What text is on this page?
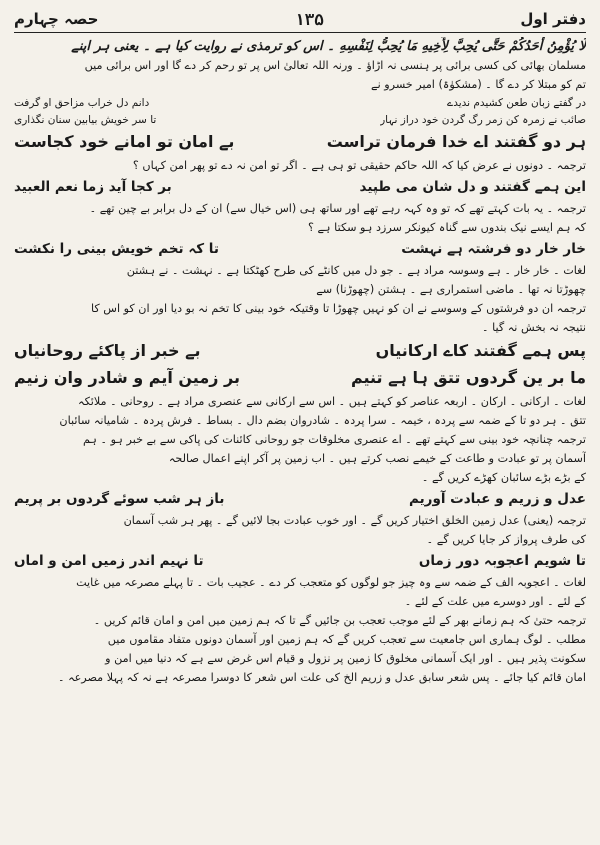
دفتر اول
۱۳۵
حصہ چہارم
لَا يُؤْمِنُ أَحَدُكُمْ حَتَّى يُحِبَّ لِأَخِيهِ مَا يُحِبُّ لِنَفْسِهِ ۔ اس کو ترمذی نے روایت کیا ہے ۔ یعنی ہر اپنے
مسلمان بھائی کی کسی برائی پر ہنسی نہ اڑاؤ ۔ ورنہ اللہ تعالیٰ اس پر تو رحم کر دے گا اور اس برائی میں
تم کو مبتلا کر دے گا ۔ (مشکوٰۃ) امیر خسرو نے
در گفتے زبان طعن کشیدم ندیدے
دانم دل خراب مزاحق او گرفت
صائب نے زمرہ کن زمر رگ گردن خود دراز نہار
تا سر خویش بیابین سنان نگذاری
ہر دو گفتند اے خدا فرمان تراست
بے امان تو امانے خود کجاست
ترجمہ ۔ دونوں نے عرض کیا کہ اللہ حاکم حقیقی تو ہی ہے ۔ اگر تو امن نہ دے تو پھر امن کہاں ؟
این ہمے گفتند و دل شان می طپید
بر کجا آید زما نعم العبید
ترجمہ ۔ یہ بات کہتے تھے کہ تو وہ کہہ رہے تھے اور ساتھ ہی (اس خیال سے) ان کے دل برابر بے چین تھے ۔
کہ ہم ایسے نیک بندوں سے گناہ کیونکر سرزد ہو سکتا ہے ؟
خار خار دو فرشتہ ہے نہشت
تا کہ تخم خویش بینی را نکشت
لغات ۔ خار خار ۔ ہے وسوسہ مراد ہے ۔ جو دل میں کانٹے کی طرح کھٹکتا ہے ۔ نہشت ۔ نے ہشتن
چھوڑتا نہ تھا ۔ ماضی استمراری ہے ۔ ہشتن (چھوڑنا) سے
ترجمہ ان دو فرشتوں کے وسوسے نے ان کو نہیں چھوڑا تا وقتیکہ خود بینی کا تخم نہ بو دیا اور ان کو اس کا
نتیجہ نہ بخش نہ گیا ۔
پس ہمے گفتند کاے ارکانیاں
بے خبر از پاکئے روحانیاں
ما بر ین گردوں تتق ہا ہے تنیم
بر زمین آیم و شادر وان زنیم
لغات ۔ ارکانی ۔ ارکان ۔ اربعہ عناصر کو کہتے ہیں ۔ اس سے ارکانی سے عنصری مراد ہے ۔ روحانی ۔ ملائکہ
تتق ۔ ہر دو تا کے ضمہ سے پردہ ، خیمہ ۔ سرا پردہ ۔ شادروان بضم دال ۔ بساط ۔ فرش پردہ ۔ شامیانہ سائبان
ترجمہ چنانچہ خود بینی سے کہتے تھے ۔ اے عنصری مخلوقات جو روحانی کائنات کی پاکی سے بے خبر ہو ۔ ہم
آسمان پر تو عبادت و طاعت کے خیمے نصب کرتے ہیں ۔ اب زمین پر آکر اپنے اعمال صالحہ
کے بڑے بڑے سائبان کھڑے کریں گے ۔
عدل و زریم و عبادت آوریم
باز ہر شب سوئے گردوں بر پریم
ترجمہ (یعنی) عدل زمین الخلق اختیار کریں گے ۔ اور خوب عبادت بجا لائیں گے ۔ پھر ہر شب آسمان
کی طرف پرواز کر جایا کریں گے ۔
تا شویم اعجوبہ دور زماں
تا نہیم اندر زمیں امن و اماں
لغات ۔ اعجوبہ الف کے ضمہ سے وہ چیز جو لوگوں کو متعجب کر دے ۔ عجیب بات ۔ تا پہلے مصرعہ میں غایت
کے لئے ۔ اور دوسرے میں علت کے لئے ۔
ترجمہ حتیٰ کہ ہم زمانے بھر کے لئے موجب تعجب بن جائیں گے تا کہ ہم زمین میں امن و امان قائم کریں ۔
مطلب ۔ لوگ ہماری اس جامعیت سے تعجب کریں گے کہ ہم زمین اور آسمان دونوں متفاد مقاموں میں
سکونت پذیر ہیں ۔ اور ایک آسمانی مخلوق کا زمین پر نزول و قیام اس غرض سے ہے کہ دنیا میں امن و
امان قائم کیا جائے ۔ پس شعر سابق عدل و زریم الخ کی علت اس شعر کا دوسرا مصرعہ ہے نہ کہ پہلا مصرعہ ۔
